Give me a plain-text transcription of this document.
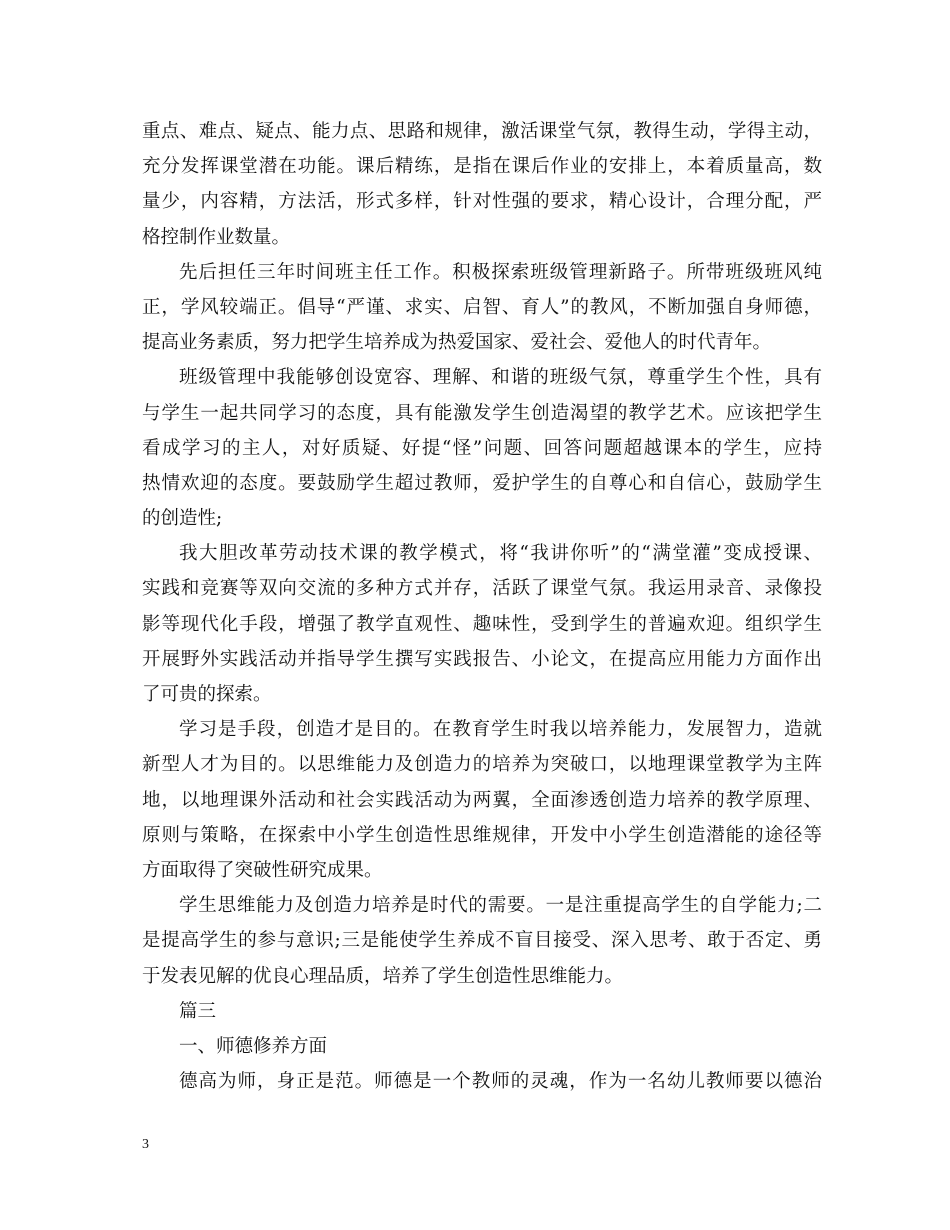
重点、难点、疑点、能力点、思路和规律，激活课堂气氛，教得生动，学得主动，
充分发挥课堂潜在功能。课后精练，是指在课后作业的安排上，本着质量高，数
量少，内容精，方法活，形式多样，针对性强的要求，精心设计，合理分配，严
格控制作业数量。
先后担任三年时间班主任工作。积极探索班级管理新路子。所带班级班风纯
正，学风较端正。倡导“严谨、求实、启智、育人”的教风，不断加强自身师德，
提高业务素质，努力把学生培养成为热爱国家、爱社会、爱他人的时代青年。
班级管理中我能够创设宽容、理解、和谐的班级气氛，尊重学生个性，具有
与学生一起共同学习的态度，具有能激发学生创造渴望的教学艺术。应该把学生
看成学习的主人，对好质疑、好提“怪”问题、回答问题超越课本的学生，应持
热情欢迎的态度。要鼓励学生超过教师，爱护学生的自尊心和自信心，鼓励学生
的创造性;
我大胆改革劳动技术课的教学模式，将“我讲你听”的“满堂灌”变成授课、
实践和竞赛等双向交流的多种方式并存，活跃了课堂气氛。我运用录音、录像投
影等现代化手段，增强了教学直观性、趣味性，受到学生的普遍欢迎。组织学生
开展野外实践活动并指导学生撰写实践报告、小论文，在提高应用能力方面作出
了可贵的探索。
学习是手段，创造才是目的。在教育学生时我以培养能力，发展智力，造就
新型人才为目的。以思维能力及创造力的培养为突破口，以地理课堂教学为主阵
地，以地理课外活动和社会实践活动为两翼，全面渗透创造力培养的教学原理、
原则与策略，在探索中小学生创造性思维规律，开发中小学生创造潜能的途径等
方面取得了突破性研究成果。
学生思维能力及创造力培养是时代的需要。一是注重提高学生的自学能力;二
是提高学生的参与意识;三是能使学生养成不盲目接受、深入思考、敢于否定、勇
于发表见解的优良心理品质，培养了学生创造性思维能力。
篇三
一、师德修养方面
德高为师，身正是范。师德是一个教师的灵魂，作为一名幼儿教师要以德治
3
